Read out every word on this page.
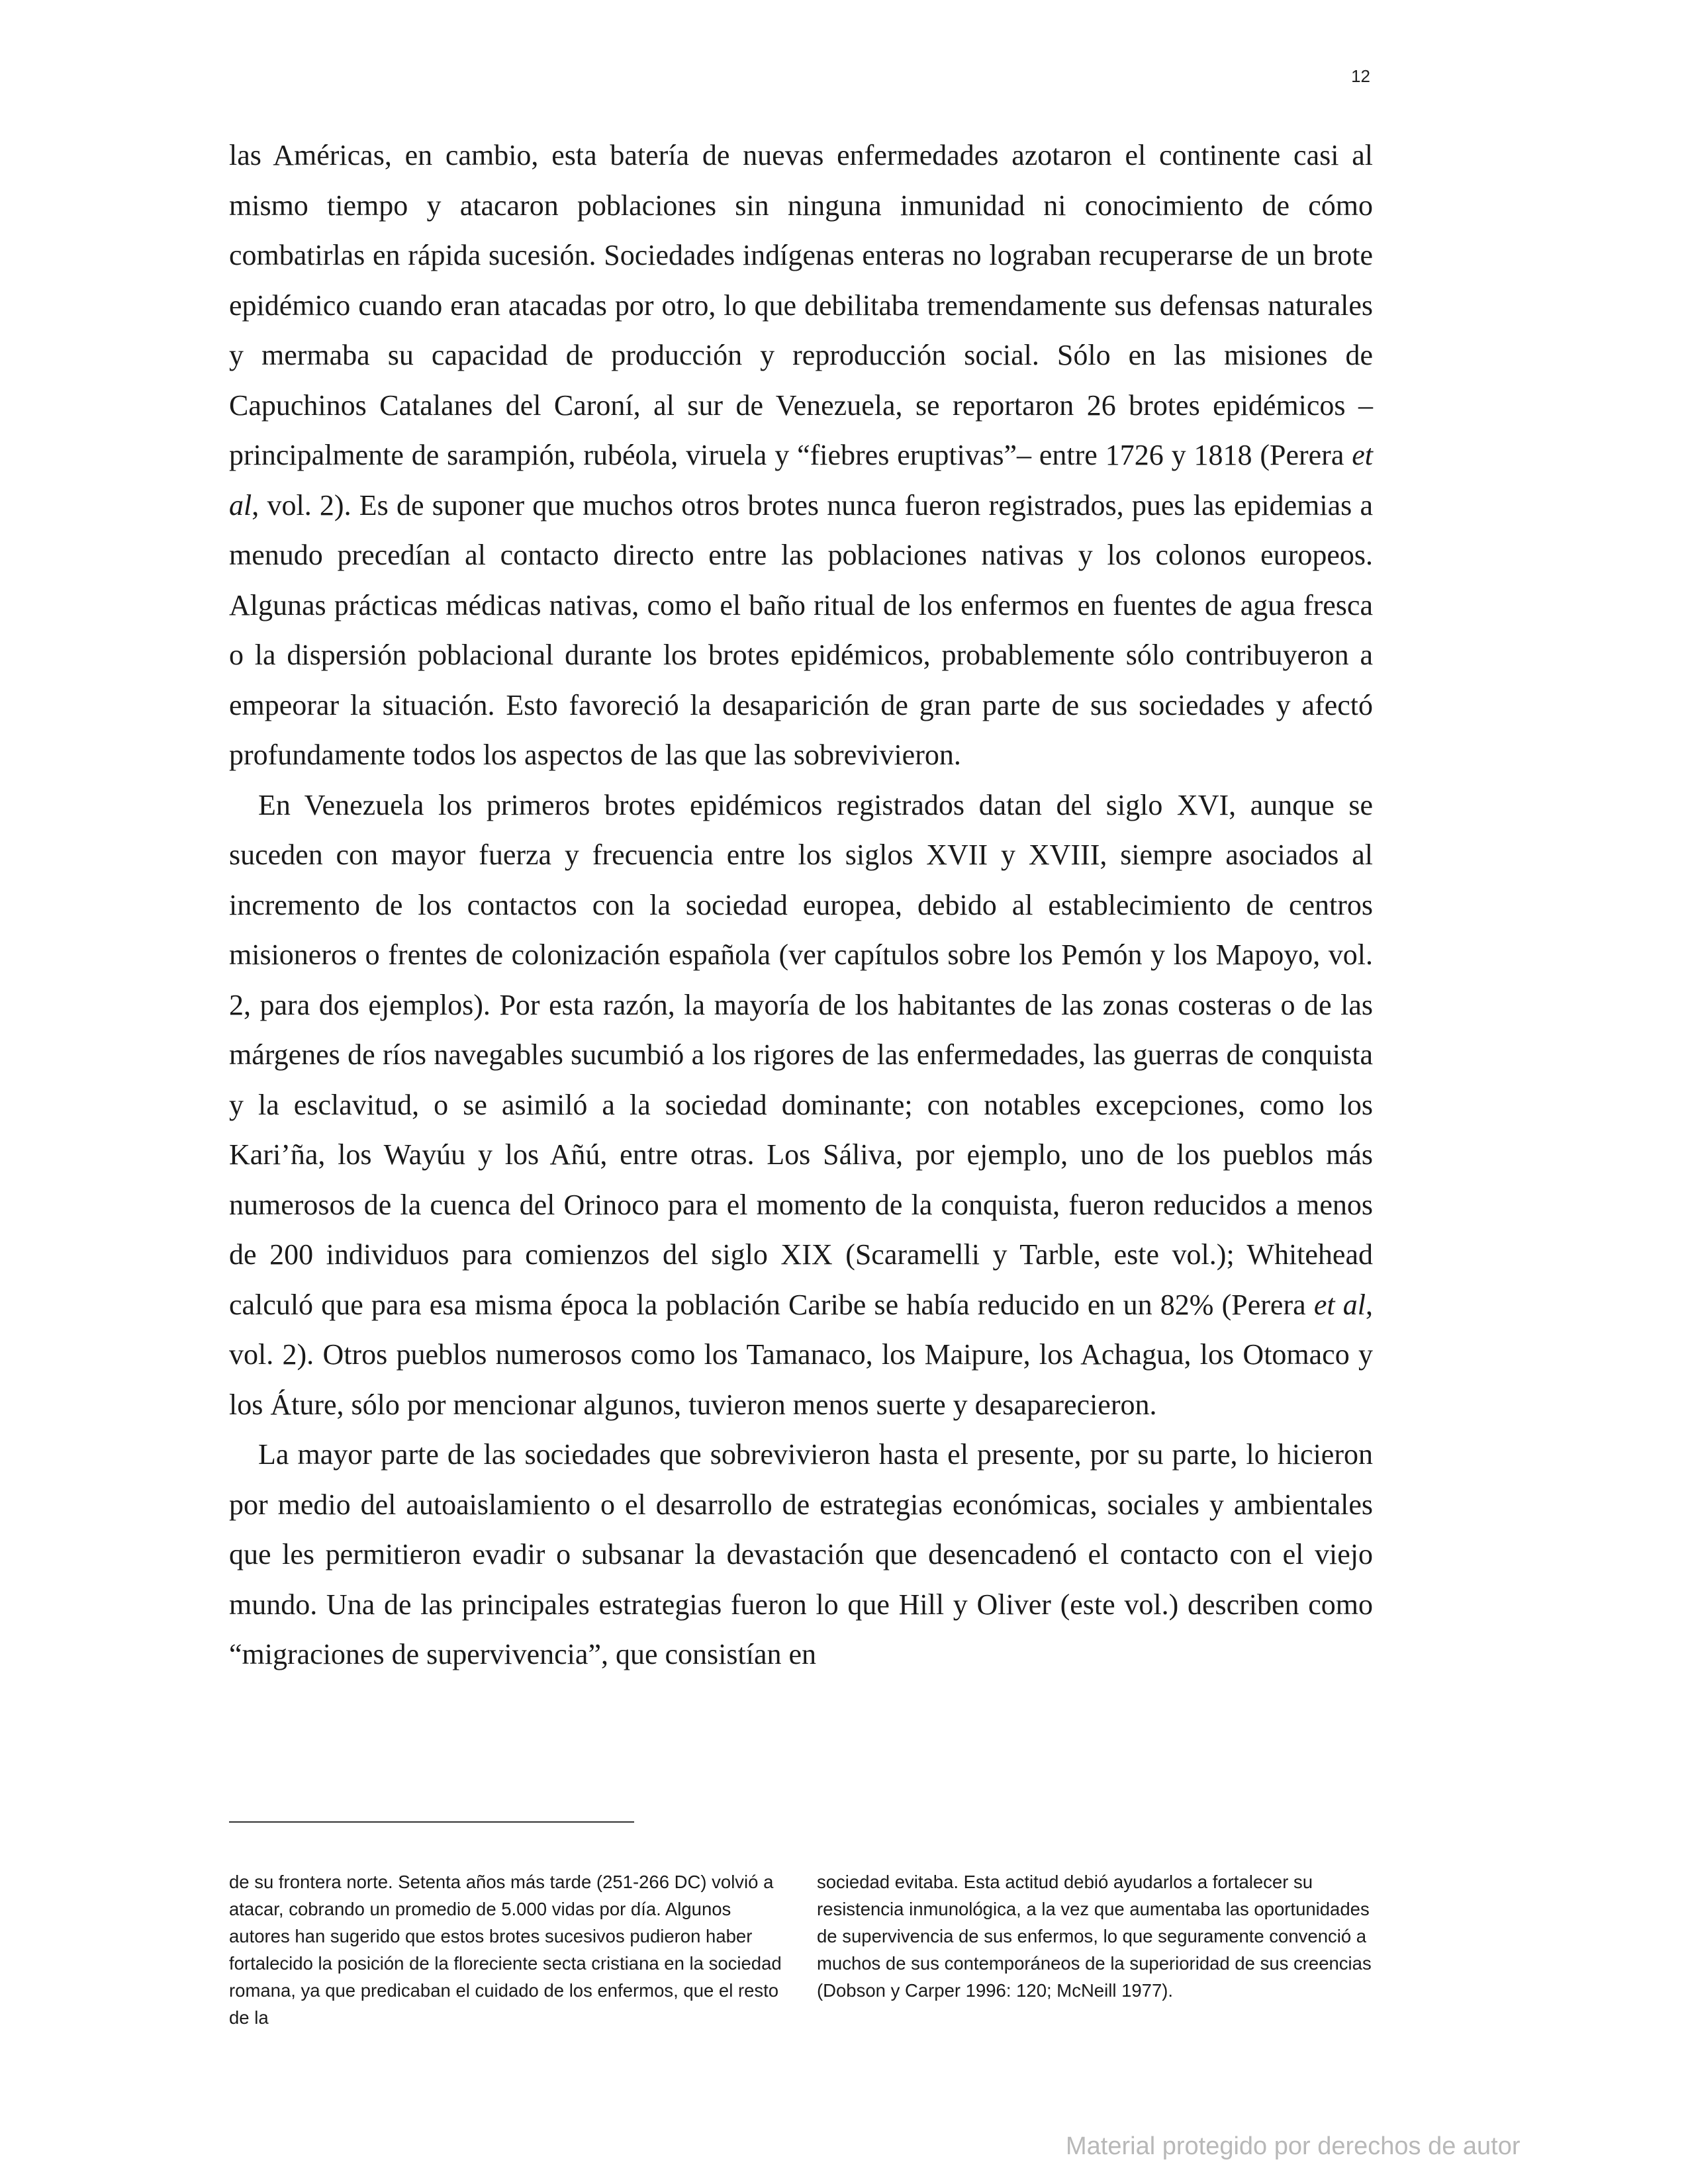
12

las Américas, en cambio, esta batería de nuevas enfermedades azotaron el continente casi al mismo tiempo y atacaron poblaciones sin ninguna inmunidad ni conocimiento de cómo combatirlas en rápida sucesión. Sociedades indígenas enteras no lograban recuperarse de un brote epidémico cuando eran atacadas por otro, lo que debilitaba tremendamente sus defensas naturales y mermaba su capacidad de producción y reproducción social. Sólo en las misiones de Capuchinos Catalanes del Caroní, al sur de Venezuela, se reportaron 26 brotes epidémicos –principalmente de sarampión, rubéola, viruela y “fiebres eruptivas”– entre 1726 y 1818 (Perera et al, vol. 2). Es de suponer que muchos otros brotes nunca fueron registrados, pues las epidemias a menudo precedían al contacto directo entre las poblaciones nativas y los colonos europeos. Algunas prácticas médicas nativas, como el baño ritual de los enfermos en fuentes de agua fresca o la dispersión poblacional durante los brotes epidémicos, probablemente sólo contribuyeron a empeorar la situación. Esto favoreció la desaparición de gran parte de sus sociedades y afectó profundamente todos los aspectos de las que las sobrevivieron.

En Venezuela los primeros brotes epidémicos registrados datan del siglo XVI, aunque se suceden con mayor fuerza y frecuencia entre los siglos XVII y XVIII, siempre asociados al incremento de los contactos con la sociedad europea, debido al establecimiento de centros misioneros o frentes de colonización española (ver capítulos sobre los Pemón y los Mapoyo, vol. 2, para dos ejemplos). Por esta razón, la mayoría de los habitantes de las zonas costeras o de las márgenes de ríos navegables sucumbió a los rigores de las enfermedades, las guerras de conquista y la esclavitud, o se asimiló a la sociedad dominante; con notables excepciones, como los Kari’ña, los Wayúu y los Añú, entre otras. Los Sáliva, por ejemplo, uno de los pueblos más numerosos de la cuenca del Orinoco para el momento de la conquista, fueron reducidos a menos de 200 individuos para comienzos del siglo XIX (Scaramelli y Tarble, este vol.); Whitehead calculó que para esa misma época la población Caribe se había reducido en un 82% (Perera et al, vol. 2). Otros pueblos numerosos como los Tamanaco, los Maipure, los Achagua, los Otomaco y los Áture, sólo por mencionar algunos, tuvieron menos suerte y desaparecieron.

La mayor parte de las sociedades que sobrevivieron hasta el presente, por su parte, lo hicieron por medio del autoaislamiento o el desarrollo de estrategias económicas, sociales y ambientales que les permitieron evadir o subsanar la devastación que desencadenó el contacto con el viejo mundo. Una de las principales estrategias fueron lo que Hill y Oliver (este vol.) describen como “migraciones de supervivencia”, que consistían en

de su frontera norte. Setenta años más tarde (251-266 DC) volvió a atacar, cobrando un promedio de 5.000 vidas por día. Algunos autores han sugerido que estos brotes sucesivos pudieron haber fortalecido la posición de la floreciente secta cristiana en la sociedad romana, ya que predicaban el cuidado de los enfermos, que el resto de la

sociedad evitaba. Esta actitud debió ayudarlos a fortalecer su resistencia inmunológica, a la vez que aumentaba las oportunidades de supervivencia de sus enfermos, lo que seguramente convenció a muchos de sus contemporáneos de la superioridad de sus creencias (Dobson y Carper 1996: 120; McNeill 1977).

Material protegido por derechos de autor
